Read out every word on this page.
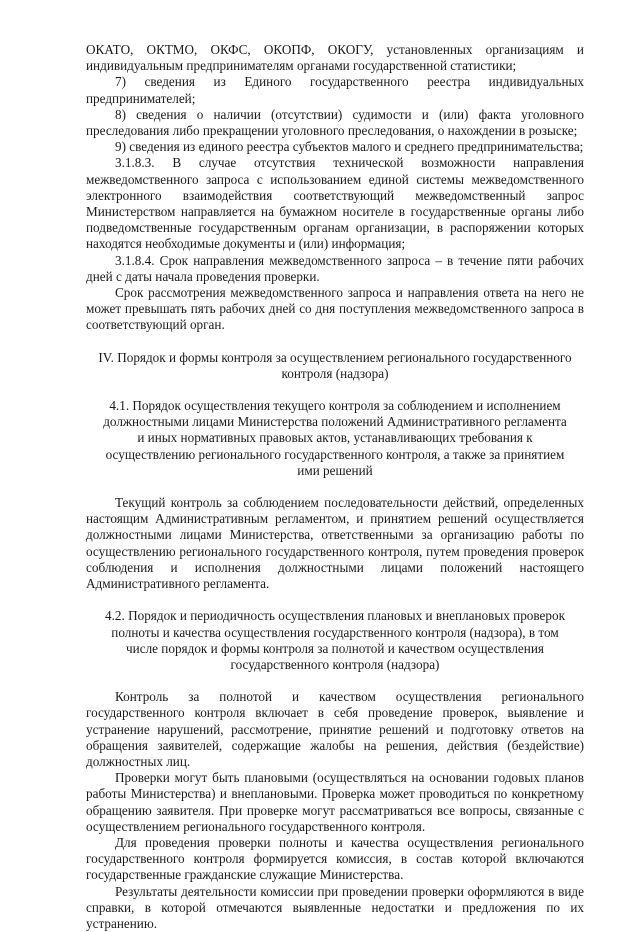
ОКАТО, ОКТМО, ОКФС, ОКОПФ, ОКОГУ, установленных организациям и индивидуальным предпринимателям органами государственной статистики;

7) сведения из Единого государственного реестра индивидуальных предпринимателей;

8) сведения о наличии (отсутствии) судимости и (или) факта уголовного преследования либо прекращении уголовного преследования, о нахождении в розыске;

9) сведения из единого реестра субъектов малого и среднего предпринимательства;

3.1.8.3. В случае отсутствия технической возможности направления межведомственного запроса с использованием единой системы межведомственного электронного взаимодействия соответствующий межведомственный запрос Министерством направляется на бумажном носителе в государственные органы либо подведомственные государственным органам организации, в распоряжении которых находятся необходимые документы и (или) информация;

3.1.8.4. Срок направления межведомственного запроса – в течение пяти рабочих дней с даты начала проведения проверки.

Срок рассмотрения межведомственного запроса и направления ответа на него не может превышать пять рабочих дней со дня поступления межведомственного запроса в соответствующий орган.

IV. Порядок и формы контроля за осуществлением регионального государственного контроля (надзора)

4.1. Порядок осуществления текущего контроля за соблюдением и исполнением должностными лицами Министерства положений Административного регламента и иных нормативных правовых актов, устанавливающих требования к осуществлению регионального государственного контроля, а также за принятием ими решений

Текущий контроль за соблюдением последовательности действий, определенных настоящим Административным регламентом, и принятием решений осуществляется должностными лицами Министерства, ответственными за организацию работы по осуществлению регионального государственного контроля, путем проведения проверок соблюдения и исполнения должностными лицами положений настоящего Административного регламента.

4.2. Порядок и периодичность осуществления плановых и внеплановых проверок полноты и качества осуществления государственного контроля (надзора), в том числе порядок и формы контроля за полнотой и качеством осуществления государственного контроля (надзора)

Контроль за полнотой и качеством осуществления регионального государственного контроля включает в себя проведение проверок, выявление и устранение нарушений, рассмотрение, принятие решений и подготовку ответов на обращения заявителей, содержащие жалобы на решения, действия (бездействие) должностных лиц.

Проверки могут быть плановыми (осуществляться на основании годовых планов работы Министерства) и внеплановыми. Проверка может проводиться по конкретному обращению заявителя. При проверке могут рассматриваться все вопросы, связанные с осуществлением регионального государственного контроля.

Для проведения проверки полноты и качества осуществления регионального государственного контроля формируется комиссия, в состав которой включаются государственные гражданские служащие Министерства.

Результаты деятельности комиссии при проведении проверки оформляются в виде справки, в которой отмечаются выявленные недостатки и предложения по их устранению.
